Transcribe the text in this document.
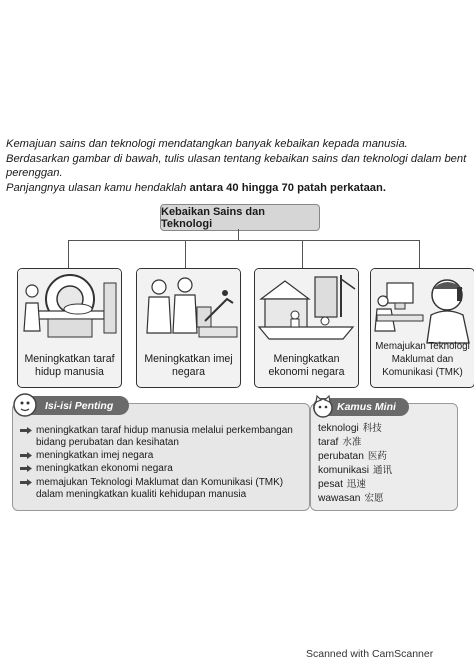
Kemajuan sains dan teknologi mendatangkan banyak kebaikan kepada manusia.
Berdasarkan gambar di bawah, tulis ulasan tentang kebaikan sains dan teknologi dalam bent
perenggan.
Panjangnya ulasan kamu hendaklah antara 40 hingga 70 patah perkataan.
Kebaikan Sains dan Teknologi
Meningkatkan taraf hidup manusia
Meningkatkan imej negara
Meningkatkan ekonomi negara
Memajukan Teknologi Maklumat dan Komunikasi (TMK)
Isi-isi Penting
meningkatkan taraf hidup manusia melalui perkembangan bidang perubatan dan kesihatan
meningkatkan imej negara
meningkatkan ekonomi negara
memajukan Teknologi Maklumat dan Komunikasi (TMK) dalam meningkatkan kualiti kehidupan manusia
Kamus Mini
teknologi 科技
taraf 水准
perubatan 医药
komunikasi 通讯
pesat 迅速
wawasan 宏愿
Scanned with CamScanner
